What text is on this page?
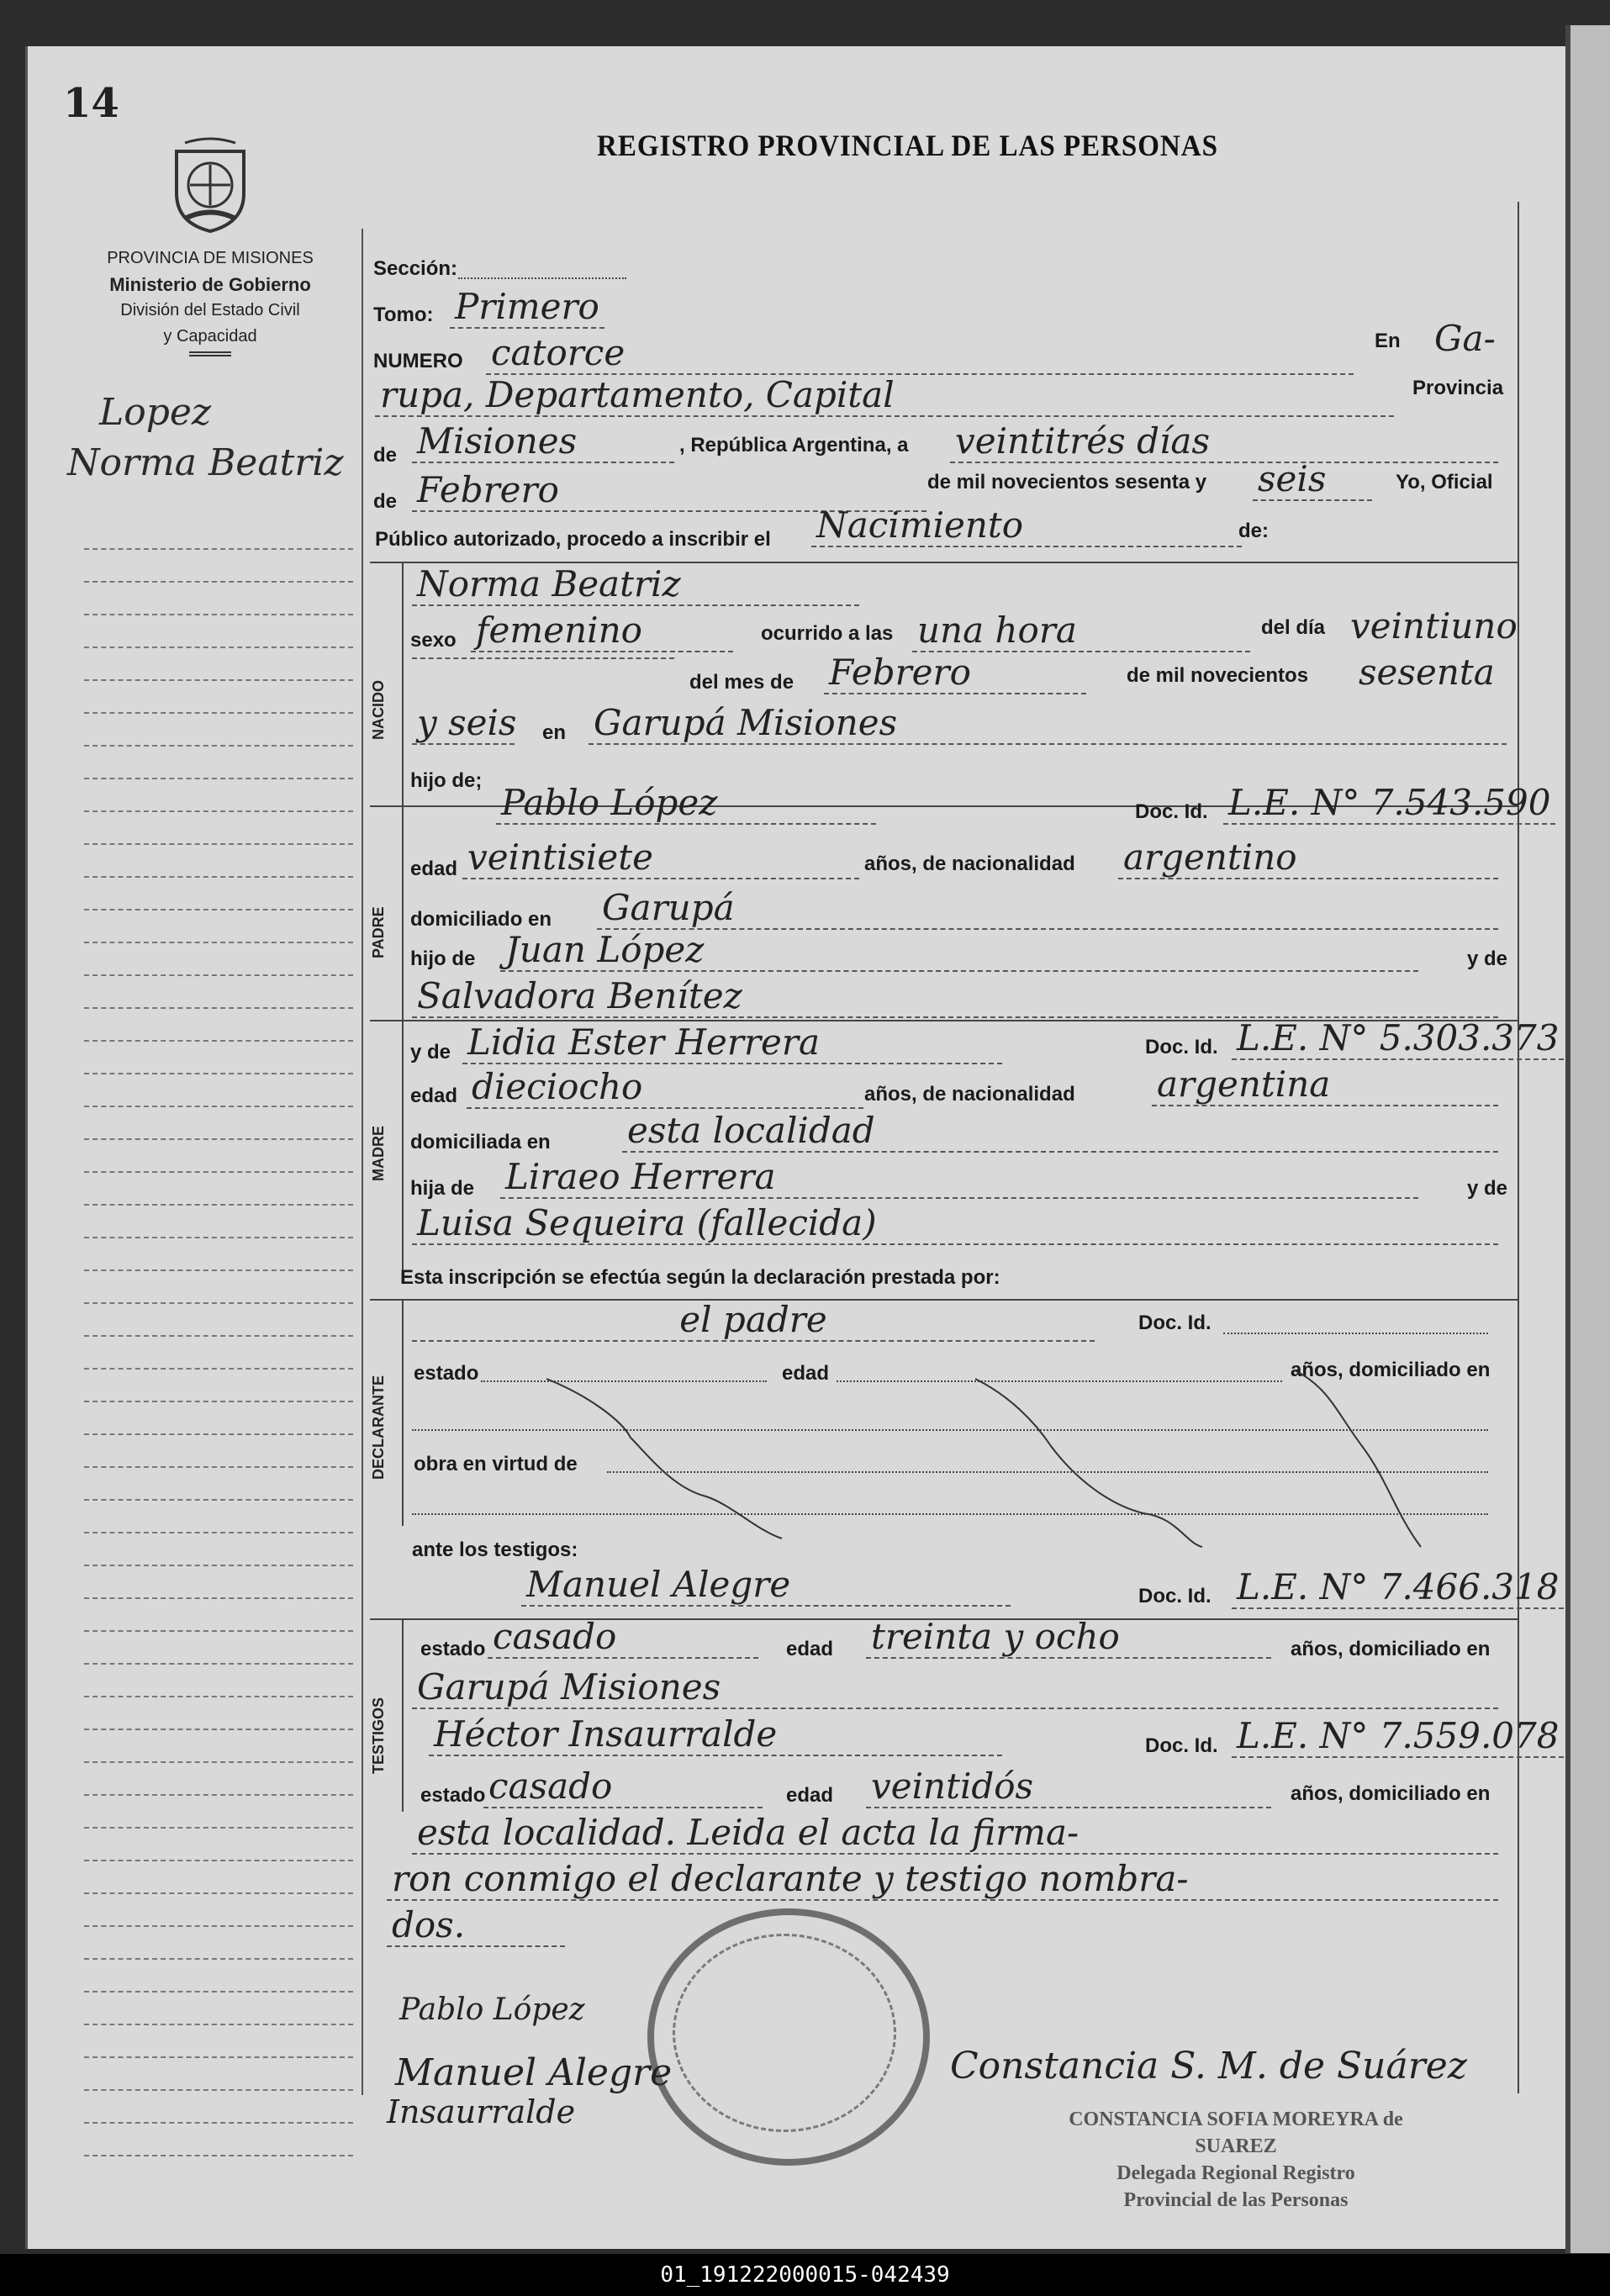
14
REGISTRO PROVINCIAL DE LAS PERSONAS
PROVINCIA DE MISIONES
Ministerio de Gobierno
División del Estado Civil
y Capacidad
Lopez
Norma Beatriz
Sección:
Tomo: Primero
NUMERO catorce	En Ga-
rupa, Departamento, Capital	Provincia
de Misiones	, República Argentina, a veintitrés días
de Febrero	de mil novecientos sesenta y seis	Yo, Oficial
Público autorizado, procedo a inscribir el Nacimiento	de:
NACIDO
Norma Beatriz
sexo femenino	ocurrido a las una hora	del día veintiuno
del mes de Febrero	de mil novecientos sesenta
y seis en Garupá Misiones
hijo de;
PADRE
Pablo López	Doc. Id. L.E. N° 7.543.590
edad veintisiete	años, de nacionalidad argentino
domiciliado en Garupá
hijo de Juan López	y de
Salvadora Benítez
MADRE
y de Lidia Ester Herrera	Doc. Id. L.E. N° 5.303.373
edad dieciocho	años, de nacionalidad argentina
domiciliada en esta localidad
hija de Liraeo Herrera	y de
Luisa Sequeira (fallecida)
Esta inscripción se efectúa según la declaración prestada por:
DECLARANTE
el padre	Doc. Id.
estado	edad	años, domiciliado en
obra en virtud de
ante los testigos:
TESTIGOS
Manuel Alegre	Doc. Id. L.E. N° 7.466.318
estado casado	edad treinta y ocho	años, domiciliado en
Garupá Misiones
Héctor Insaurralde	Doc. Id. L.E. N° 7.559.078
estado casado	edad veintidós	años, domiciliado en
esta localidad. Leida el acta la firma-
ron conmigo el declarante y testigo nombra-
dos.
Pablo López
Manuel Alegre
Insaurralde
Constancia S. M. de Suárez
CONSTANCIA SOFIA MOREYRA de SUAREZ
Delegada Regional Registro
Provincial de las Personas
01_191222000015-042439
